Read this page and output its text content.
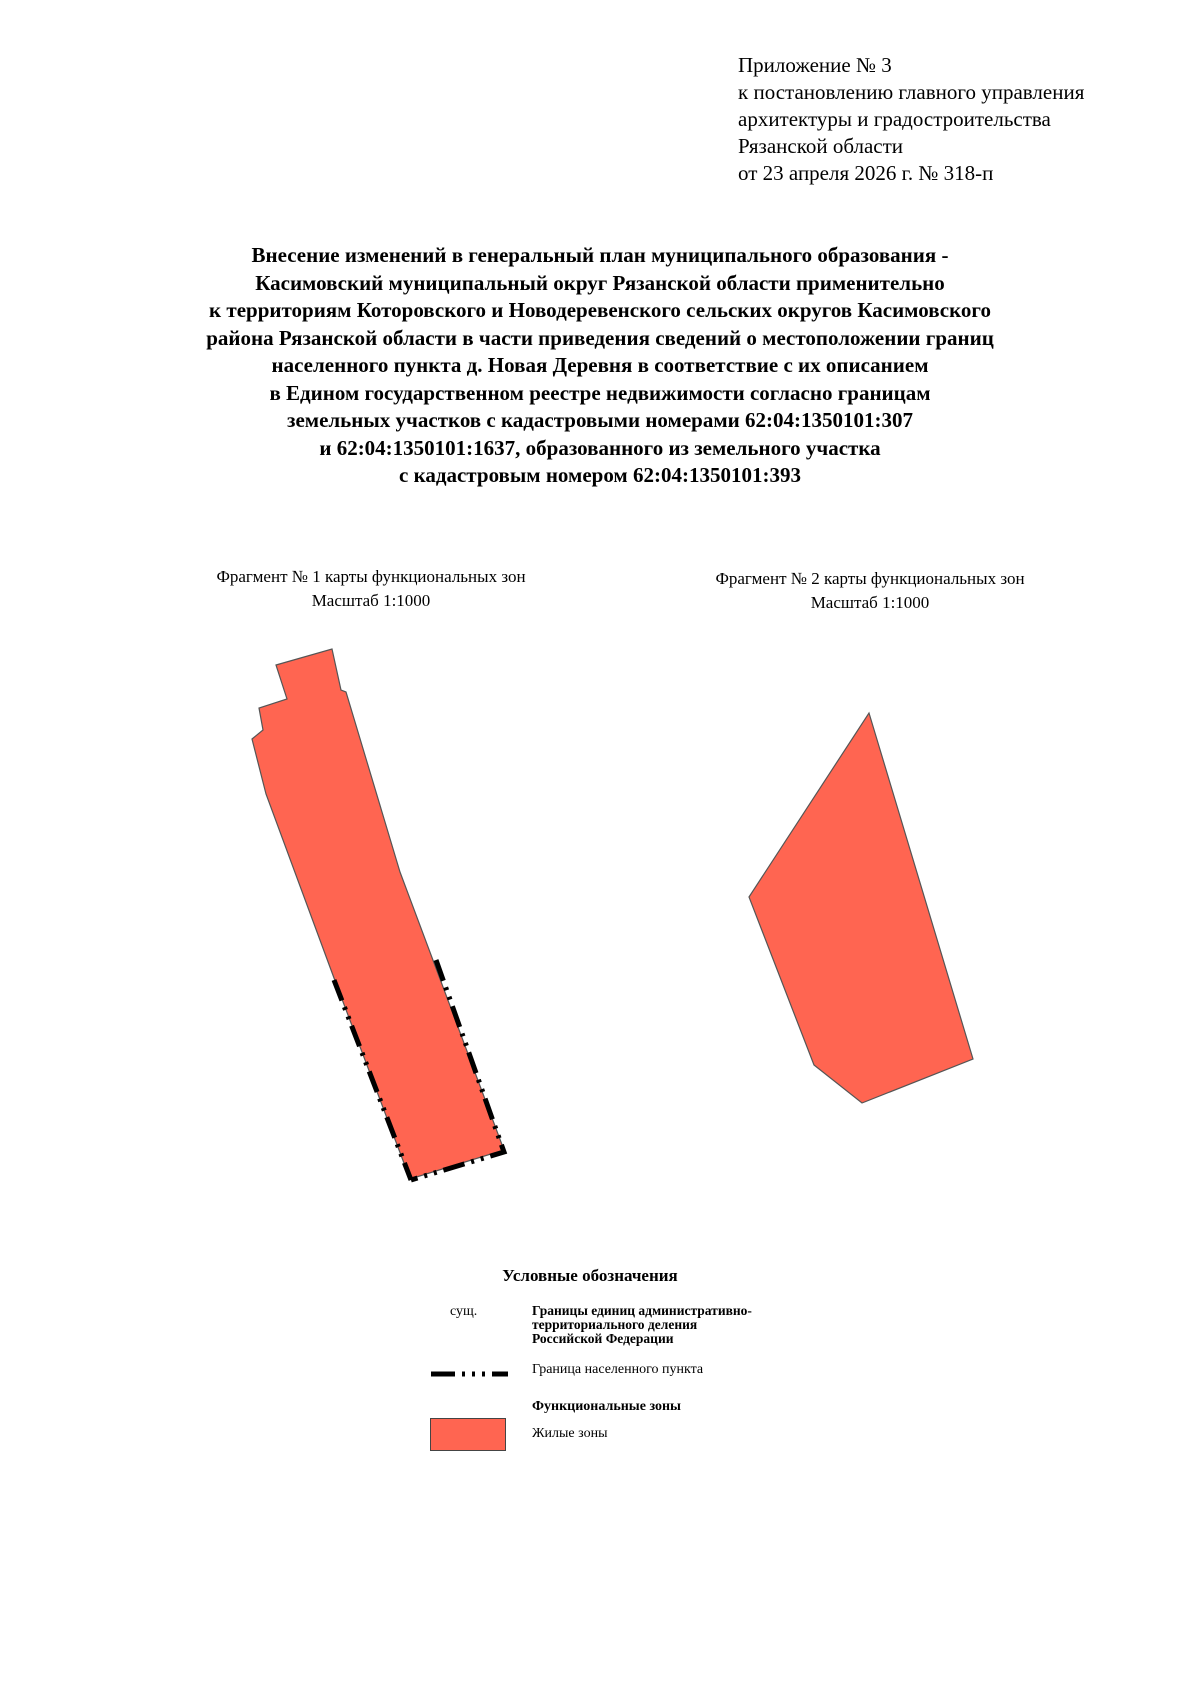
Приложение № 3
к постановлению главного управления
архитектуры и градостроительства
Рязанской области
от 23 апреля 2026 г. № 318-п
Внесение изменений в генеральный план муниципального образования -
Касимовский муниципальный округ Рязанской области применительно
к территориям Которовского и Новодеревенского сельских округов Касимовского
района Рязанской области в части приведения сведений о местоположении границ
населенного пункта д. Новая Деревня в соответствие с их описанием
в Едином государственном реестре недвижимости согласно границам
земельных участков с кадастровыми номерами 62:04:1350101:307
и 62:04:1350101:1637, образованного из земельного участка
с кадастровым номером 62:04:1350101:393
Фрагмент № 1 карты функциональных зон
Масштаб 1:1000
Фрагмент № 2 карты функциональных зон
Масштаб 1:1000
Условные обозначения
сущ.	Границы единиц административно-
территориального деления
Российской Федерации
Граница населенного пункта
Функциональные зоны
Жилые зоны
